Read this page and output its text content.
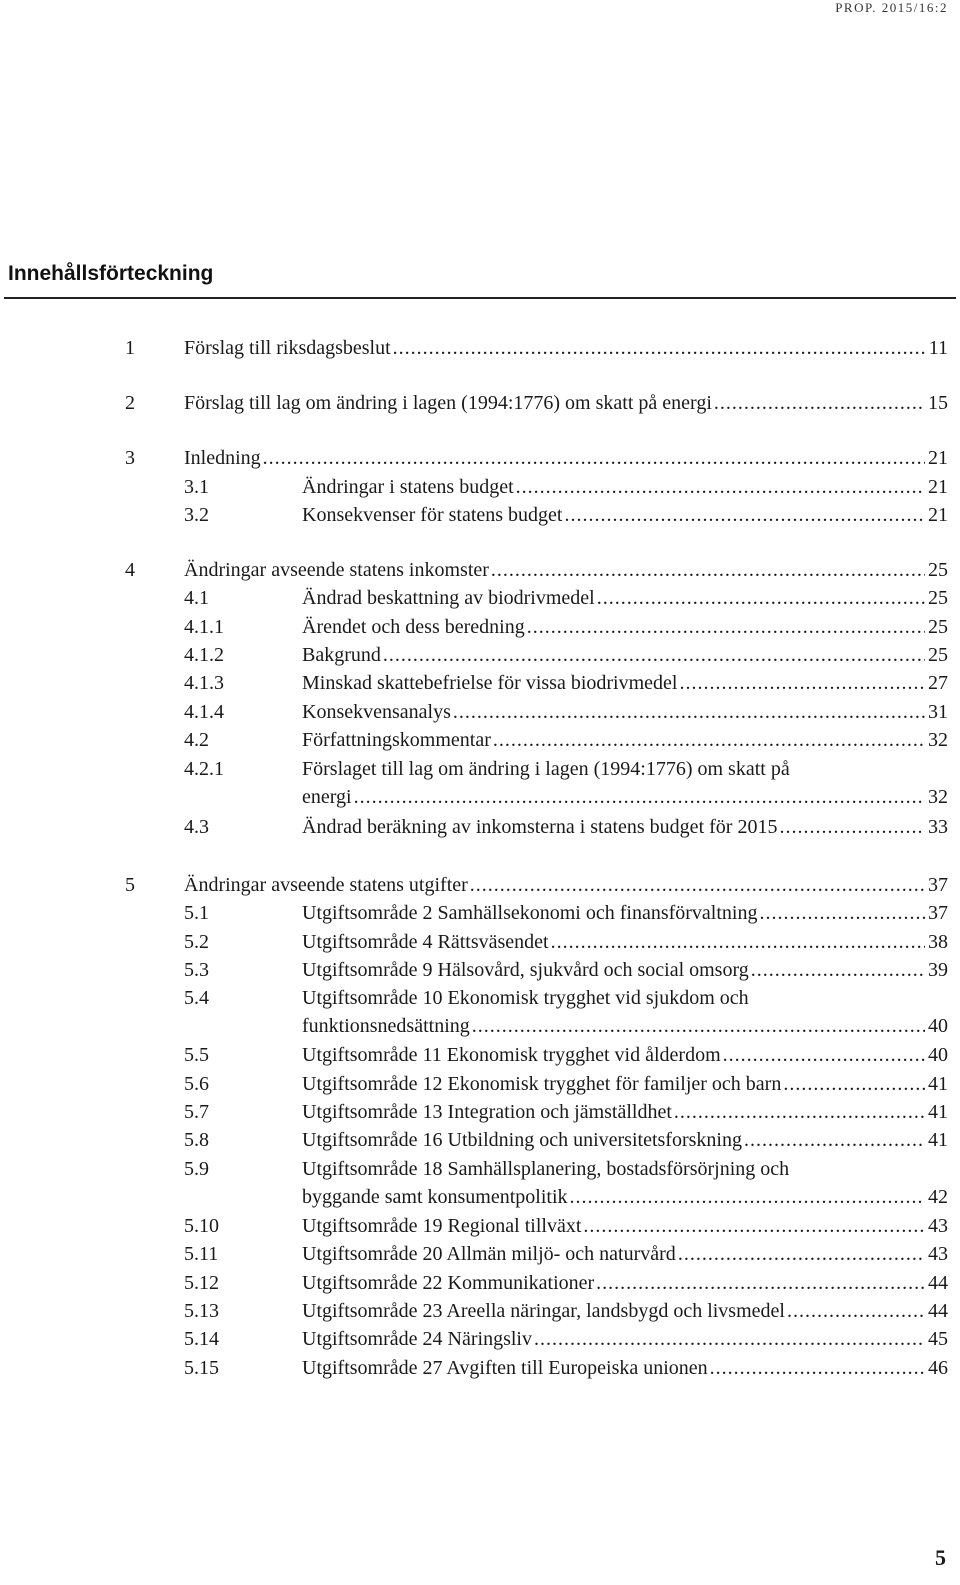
PROP. 2015/16:2
Innehållsförteckning
1 Förslag till riksdagsbeslut .....	11
2 Förslag till lag om ändring i lagen (1994:1776) om skatt på energi .....	15
3 Inledning .....	21
3.1	Ändringar i statens budget .....	21
3.2	Konsekvenser för statens budget .....	21
4 Ändringar avseende statens inkomster .....	25
4.1	Ändrad beskattning av biodrivmedel .....	25
4.1.1	Ärendet och dess beredning .....	25
4.1.2	Bakgrund .....	25
4.1.3	Minskad skattebefrielse för vissa biodrivmedel .....	27
4.1.4	Konsekvensanalys .....	31
4.2	Författningskommentar .....	32
4.2.1	Förslaget till lag om ändring i lagen (1994:1776) om skatt på
energi .....	32
4.3	Ändrad beräkning av inkomsterna i statens budget för 2015 .....	33
5 Ändringar avseende statens utgifter .....	37
5.1	Utgiftsområde 2 Samhällsekonomi och finansförvaltning .....	37
5.2	Utgiftsområde 4 Rättsväsendet .....	38
5.3	Utgiftsområde 9 Hälsovård, sjukvård och social omsorg .....	39
5.4	Utgiftsområde 10 Ekonomisk trygghet vid sjukdom och
funktionsnedsättning .....	40
5.5	Utgiftsområde 11 Ekonomisk trygghet vid ålderdom .....	40
5.6	Utgiftsområde 12 Ekonomisk trygghet för familjer och barn .....	41
5.7	Utgiftsområde 13 Integration och jämställdhet .....	41
5.8	Utgiftsområde 16 Utbildning och universitetsforskning .....	41
5.9	Utgiftsområde 18 Samhällsplanering, bostadsförsörjning och
byggande samt konsumentpolitik .....	42
5.10	Utgiftsområde 19 Regional tillväxt .....	43
5.11	Utgiftsområde 20 Allmän miljö- och naturvård .....	43
5.12	Utgiftsområde 22 Kommunikationer .....	44
5.13	Utgiftsområde 23 Areella näringar, landsbygd och livsmedel .....	44
5.14	Utgiftsområde 24 Näringsliv .....	45
5.15	Utgiftsområde 27 Avgiften till Europeiska unionen .....	46
5
